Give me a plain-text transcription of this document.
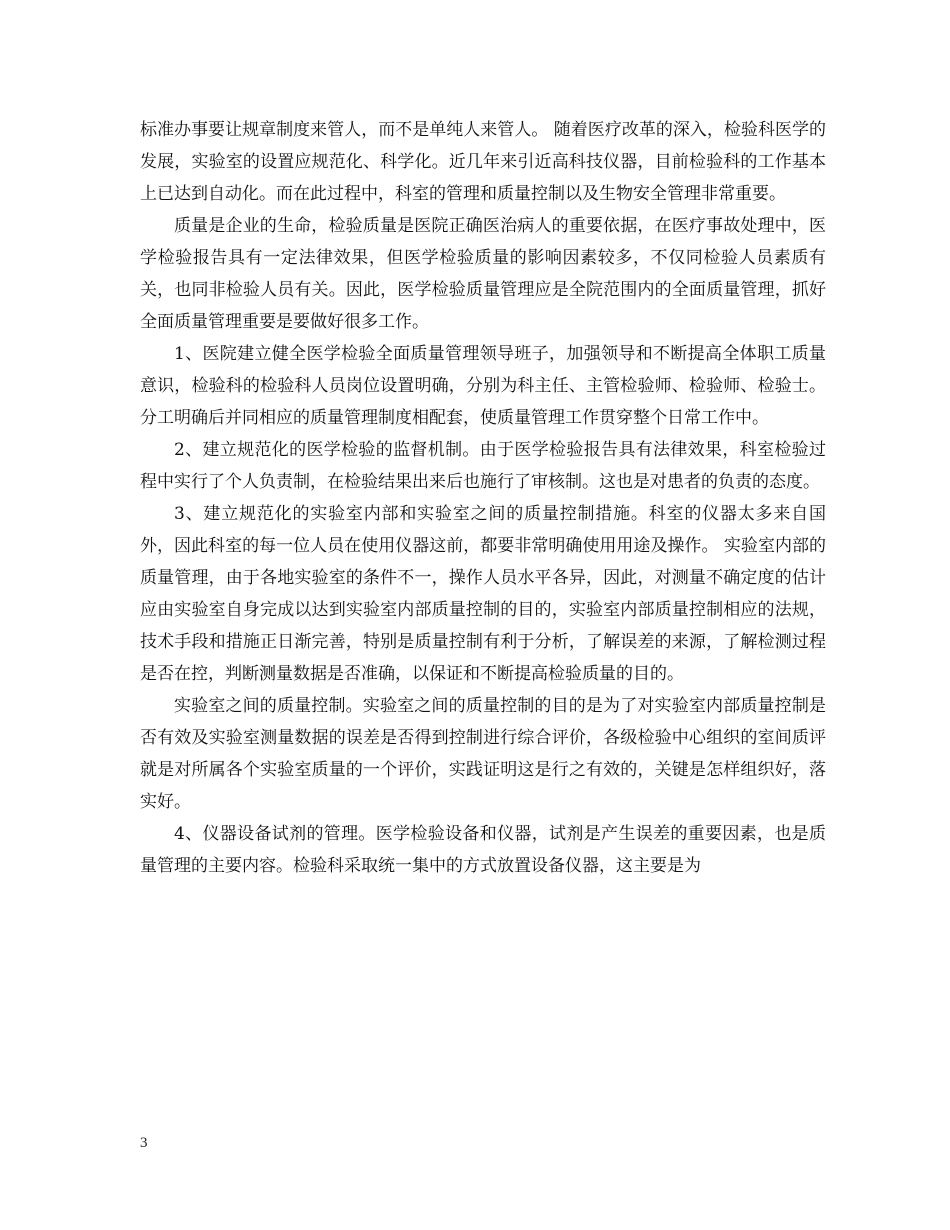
标准办事要让规章制度来管人，而不是单纯人来管人。 随着医疗改革的深入，检验科医学的发展，实验室的设置应规范化、科学化。近几年来引近高科技仪器，目前检验科的工作基本上已达到自动化。而在此过程中，科室的管理和质量控制以及生物安全管理非常重要。

质量是企业的生命，检验质量是医院正确医治病人的重要依据，在医疗事故处理中，医学检验报告具有一定法律效果，但医学检验质量的影响因素较多，不仅同检验人员素质有关，也同非检验人员有关。因此，医学检验质量管理应是全院范围内的全面质量管理，抓好全面质量管理重要是要做好很多工作。

1、医院建立健全医学检验全面质量管理领导班子，加强领导和不断提高全体职工质量意识，检验科的检验科人员岗位设置明确，分别为科主任、主管检验师、检验师、检验士。分工明确后并同相应的质量管理制度相配套，使质量管理工作贯穿整个日常工作中。

2、建立规范化的医学检验的监督机制。由于医学检验报告具有法律效果，科室检验过程中实行了个人负责制，在检验结果出来后也施行了审核制。这也是对患者的负责的态度。

3、建立规范化的实验室内部和实验室之间的质量控制措施。科室的仪器太多来自国外，因此科室的每一位人员在使用仪器这前，都要非常明确使用用途及操作。 实验室内部的质量管理，由于各地实验室的条件不一，操作人员水平各异，因此，对测量不确定度的估计应由实验室自身完成以达到实验室内部质量控制的目的，实验室内部质量控制相应的法规，技术手段和措施正日渐完善，特别是质量控制有利于分析，了解误差的来源，了解检测过程是否在控，判断测量数据是否准确，以保证和不断提高检验质量的目的。

实验室之间的质量控制。实验室之间的质量控制的目的是为了对实验室内部质量控制是否有效及实验室测量数据的误差是否得到控制进行综合评价，各级检验中心组织的室间质评就是对所属各个实验室质量的一个评价，实践证明这是行之有效的，关键是怎样组织好，落实好。

4、仪器设备试剂的管理。医学检验设备和仪器，试剂是产生误差的重要因素，也是质量管理的主要内容。检验科采取统一集中的方式放置设备仪器，这主要是为

3
